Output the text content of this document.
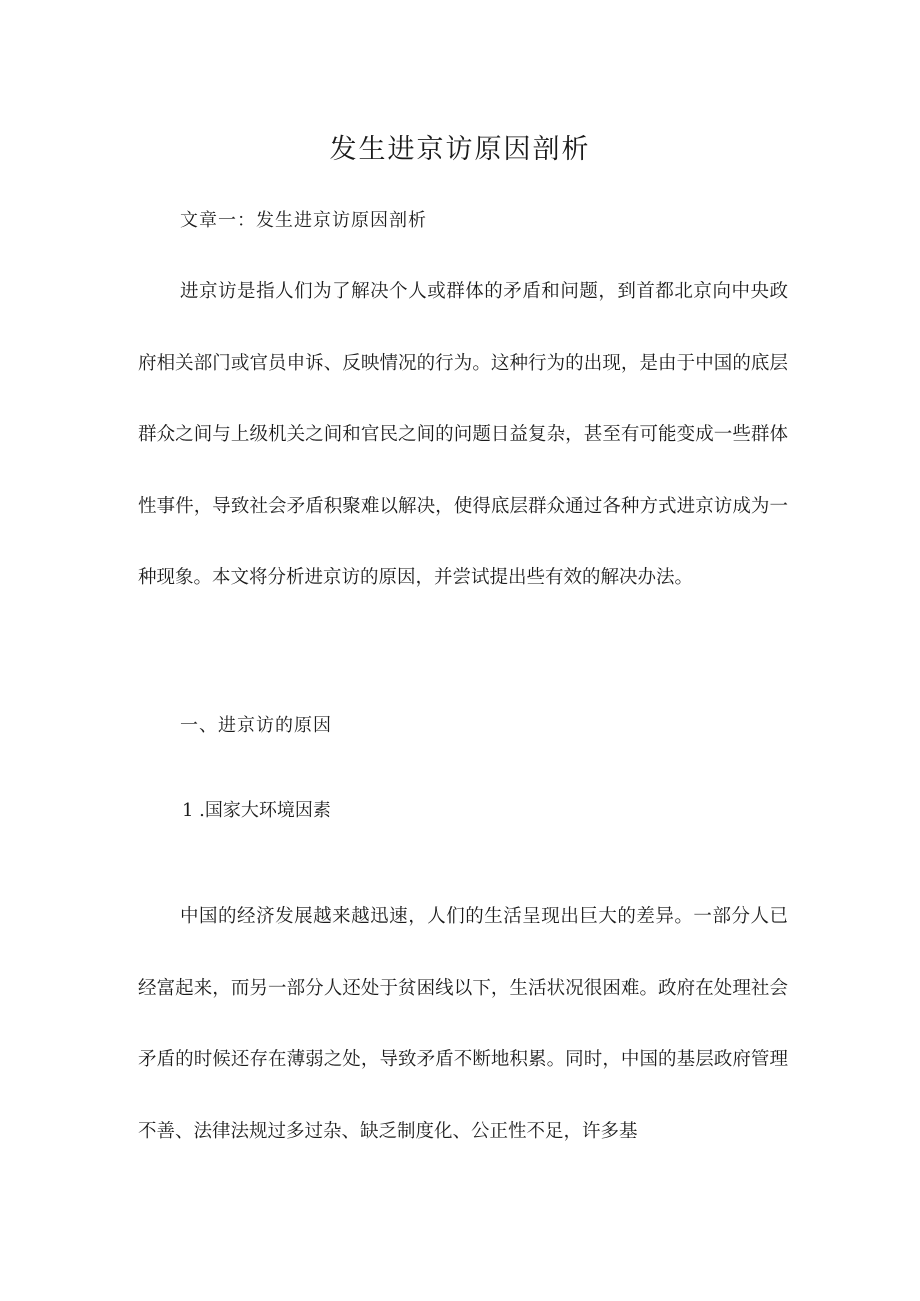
发生进京访原因剖析
文章一：发生进京访原因剖析

进京访是指人们为了解决个人或群体的矛盾和问题，到首都北京向中央政府相关部门或官员申诉、反映情况的行为。这种行为的出现，是由于中国的底层群众之间与上级机关之间和官民之间的问题日益复杂，甚至有可能变成一些群体性事件，导致社会矛盾积聚难以解决，使得底层群众通过各种方式进京访成为一种现象。本文将分析进京访的原因，并尝试提出些有效的解决办法。

一、进京访的原因
1 .国家大环境因素

中国的经济发展越来越迅速，人们的生活呈现出巨大的差异。一部分人已经富起来，而另一部分人还处于贫困线以下，生活状况很困难。政府在处理社会矛盾的时候还存在薄弱之处，导致矛盾不断地积累。同时，中国的基层政府管理不善、法律法规过多过杂、缺乏制度化、公正性不足，许多基
